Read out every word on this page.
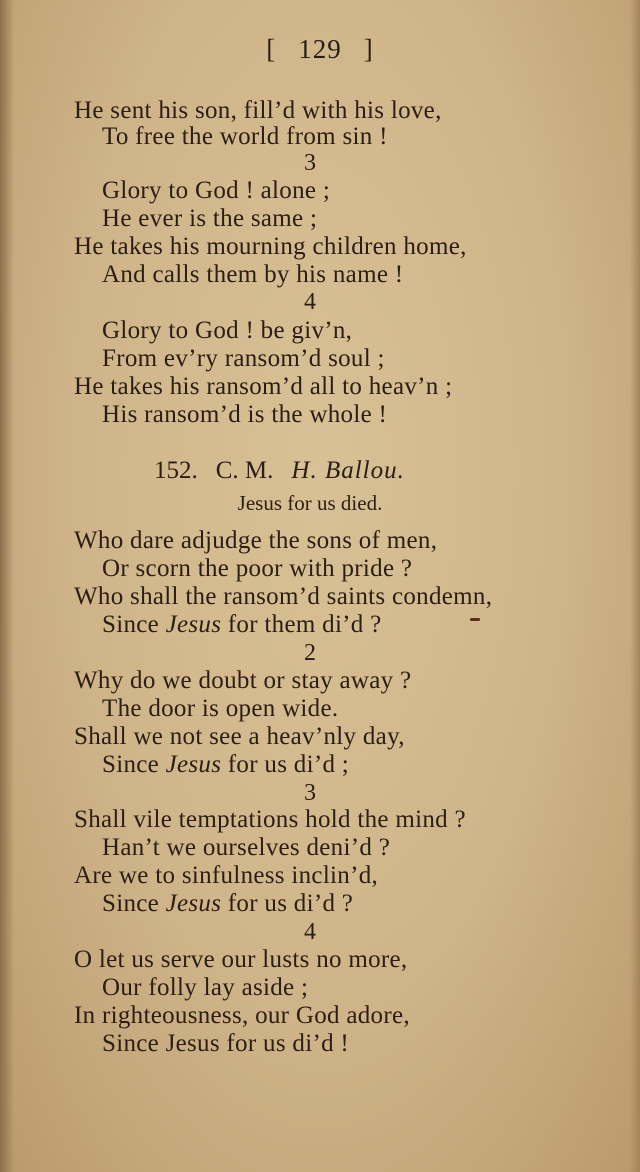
[ 129 ]
He sent his son, fill’d with his love,
To free the world from sin !
3
Glory to God ! alone ;
He ever is the same ;
He takes his mourning children home,
And calls them by his name !
4
Glory to God ! be giv’n,
From ev’ry ransom’d soul ;
He takes his ransom’d all to heav’n ;
His ransom’d is the whole !
152. C. M. H. Ballou.
Jesus for us died.
Who dare adjudge the sons of men,
Or scorn the poor with pride ?
Who shall the ransom’d saints condemn,
Since Jesus for them di’d ?
2
Why do we doubt or stay away ?
The door is open wide.
Shall we not see a heav’nly day,
Since Jesus for us di’d ;
3
Shall vile temptations hold the mind ?
Han’t we ourselves deni’d ?
Are we to sinfulness inclin’d,
Since Jesus for us di’d ?
4
O let us serve our lusts no more,
Our folly lay aside ;
In righteousness, our God adore,
Since Jesus for us di’d !
